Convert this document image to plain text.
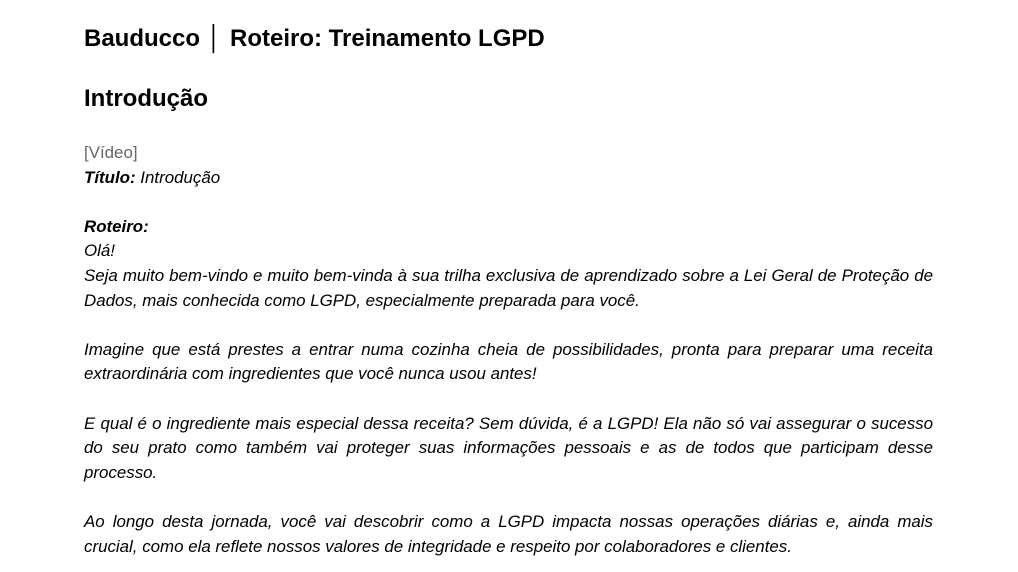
Bauducco │ Roteiro: Treinamento LGPD
Introdução

[Vídeo]

Título: Introdução

Roteiro:

Olá!

Seja muito bem-vindo e muito bem-vinda à sua trilha exclusiva de aprendizado sobre a Lei Geral de Proteção de Dados, mais conhecida como LGPD, especialmente preparada para você.

Imagine que está prestes a entrar numa cozinha cheia de possibilidades, pronta para preparar uma receita extraordinária com ingredientes que você nunca usou antes!

E qual é o ingrediente mais especial dessa receita? Sem dúvida, é a LGPD! Ela não só vai assegurar o sucesso do seu prato como também vai proteger suas informações pessoais e as de todos que participam desse processo.

Ao longo desta jornada, você vai descobrir como a LGPD impacta nossas operações diárias e, ainda mais crucial, como ela reflete nossos valores de integridade e respeito por colaboradores e clientes.
